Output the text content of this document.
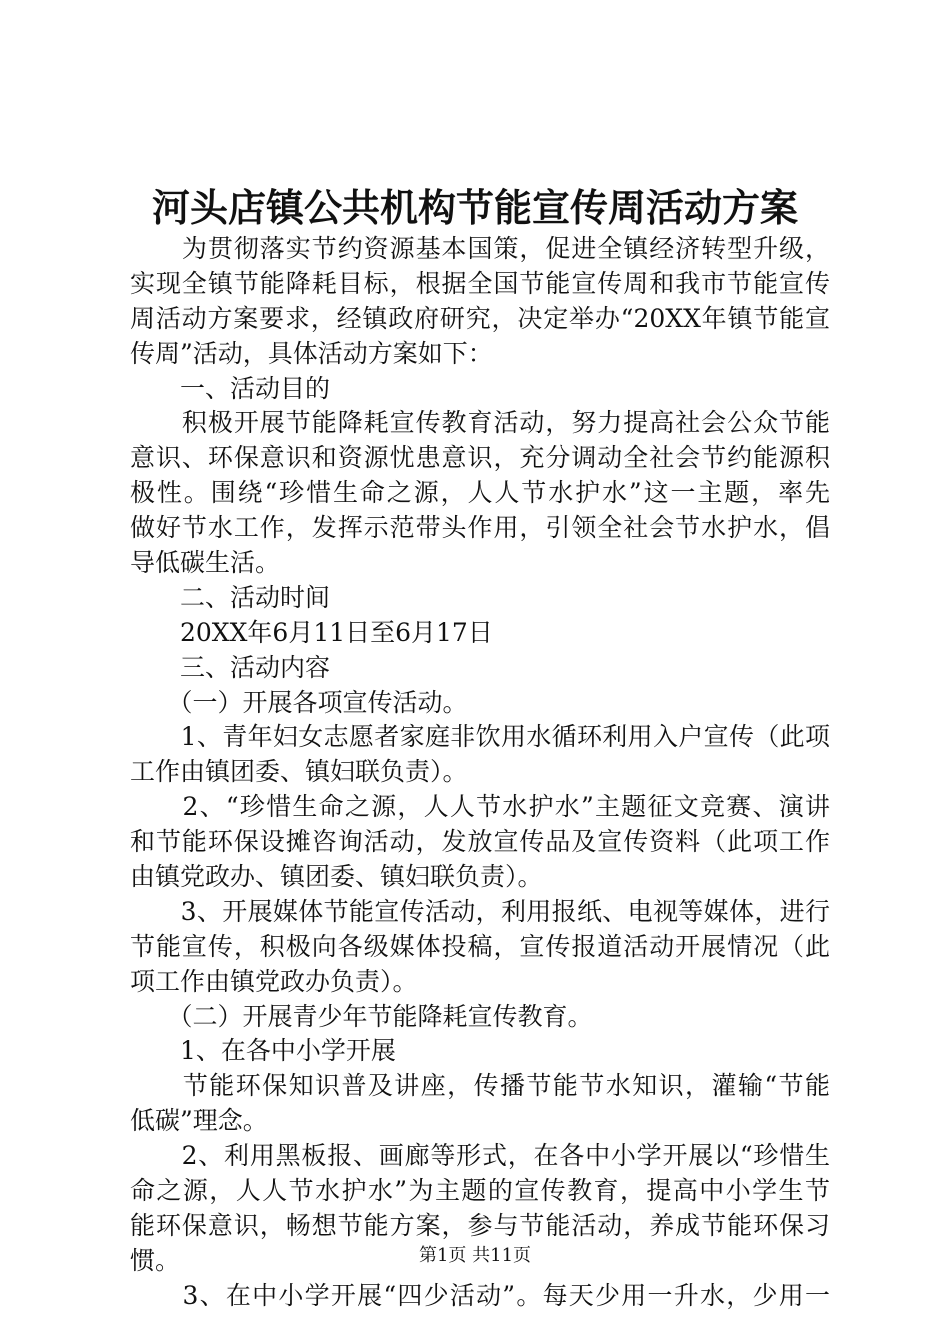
河头店镇公共机构节能宣传周活动方案
　　为贯彻落实节约资源基本国策，促进全镇经济转型升级，
实现全镇节能降耗目标，根据全国节能宣传周和我市节能宣传
周活动方案要求，经镇政府研究，决定举办“20XX年镇节能宣
传周”活动，具体活动方案如下：
　　一、活动目的
　　积极开展节能降耗宣传教育活动，努力提高社会公众节能
意识、环保意识和资源忧患意识，充分调动全社会节约能源积
极性。围绕“珍惜生命之源，人人节水护水”这一主题，率先
做好节水工作，发挥示范带头作用，引领全社会节水护水，倡
导低碳生活。
　　二、活动时间
　　20XX年6月11日至6月17日
　　三、活动内容
　　（一）开展各项宣传活动。
　　1、青年妇女志愿者家庭非饮用水循环利用入户宣传（此项
工作由镇团委、镇妇联负责）。
　　2、“珍惜生命之源，人人节水护水”主题征文竞赛、演讲
和节能环保设摊咨询活动，发放宣传品及宣传资料（此项工作
由镇党政办、镇团委、镇妇联负责）。
　　3、开展媒体节能宣传活动，利用报纸、电视等媒体，进行
节能宣传，积极向各级媒体投稿，宣传报道活动开展情况（此
项工作由镇党政办负责）。
　　（二）开展青少年节能降耗宣传教育。
　　1、在各中小学开展
　　节能环保知识普及讲座，传播节能节水知识，灌输“节能
低碳”理念。
　　2、利用黑板报、画廊等形式，在各中小学开展以“珍惜生
命之源，人人节水护水”为主题的宣传教育，提高中小学生节
能环保意识，畅想节能方案，参与节能活动，养成节能环保习
惯。
　　3、在中小学开展“四少活动”。每天少用一升水，少用一
第1页 共11页
